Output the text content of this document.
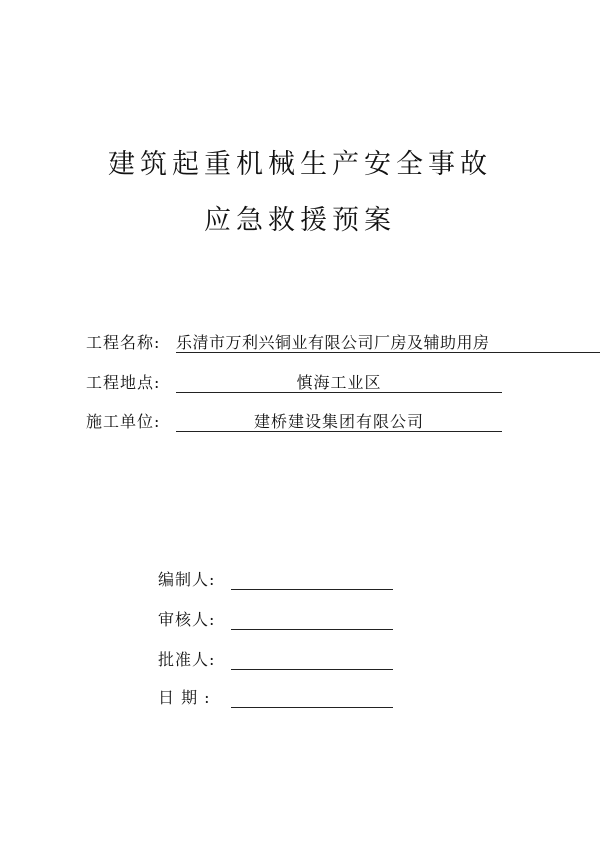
建筑起重机械生产安全事故
应急救援预案
工程名称: 乐清市万利兴铜业有限公司厂房及辅助用房
工程地点:	慎海工业区
施工单位:	建桥建设集团有限公司
编制人:
审核人:
批准人:
日 期 :
